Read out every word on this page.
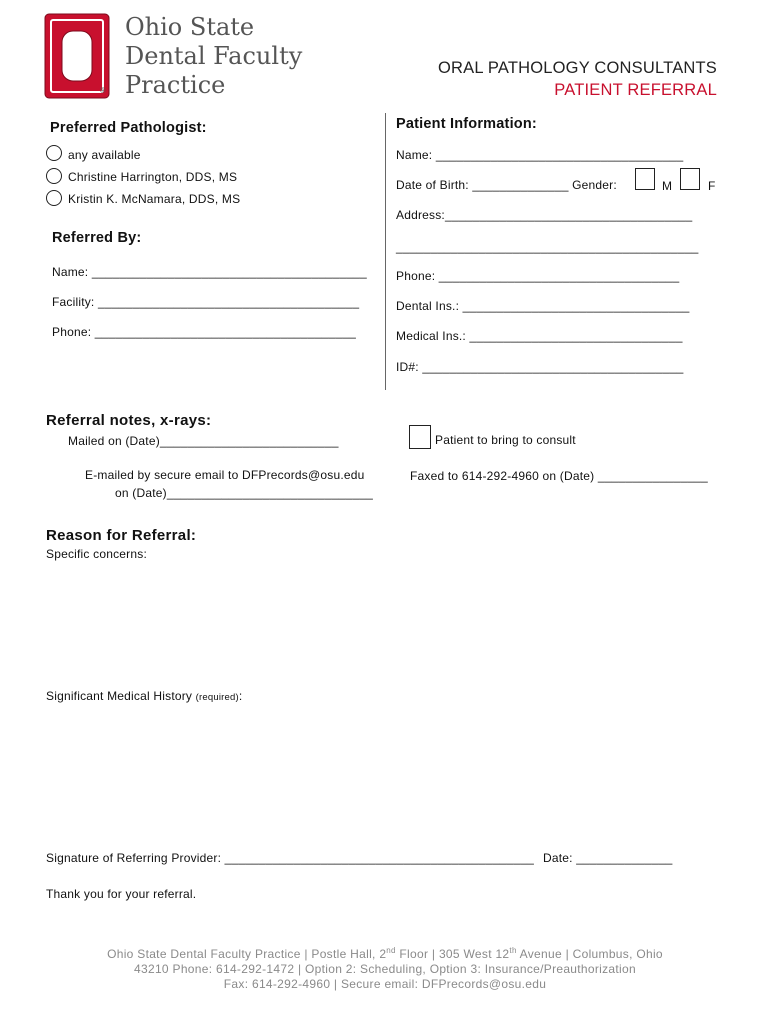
®
Ohio State
Dental Faculty
Practice
ORAL PATHOLOGY CONSULTANTS
PATIENT REFERRAL
Preferred Pathologist:
any available
Christine Harrington, DDS, MS
Kristin K. McNamara, DDS, MS
Patient Information:
Name: ____________________________________
Date of Birth: ______________ Gender:	M	F
Address:____________________________________
____________________________________________
Phone: ___________________________________
Dental Ins.: _________________________________
Medical Ins.: _______________________________
ID#: ______________________________________
Referred By:
Name: ________________________________________
Facility: ______________________________________
Phone: ______________________________________
Referral notes, x-rays:
Mailed on (Date)__________________________	Patient to bring to consult
E-mailed by secure email to DFPrecords@osu.edu
on (Date)______________________________
Faxed to 614-292-4960 on (Date) ________________
Reason for Referral:
Specific concerns:
Significant Medical History (required):
Signature of Referring Provider: _____________________________________________ Date: ______________
Thank you for your referral.
Ohio State Dental Faculty Practice | Postle Hall, 2nd Floor | 305 West 12th Avenue | Columbus, Ohio
43210 Phone: 614-292-1472 | Option 2: Scheduling, Option 3: Insurance/Preauthorization
Fax: 614-292-4960 | Secure email: DFPrecords@osu.edu
